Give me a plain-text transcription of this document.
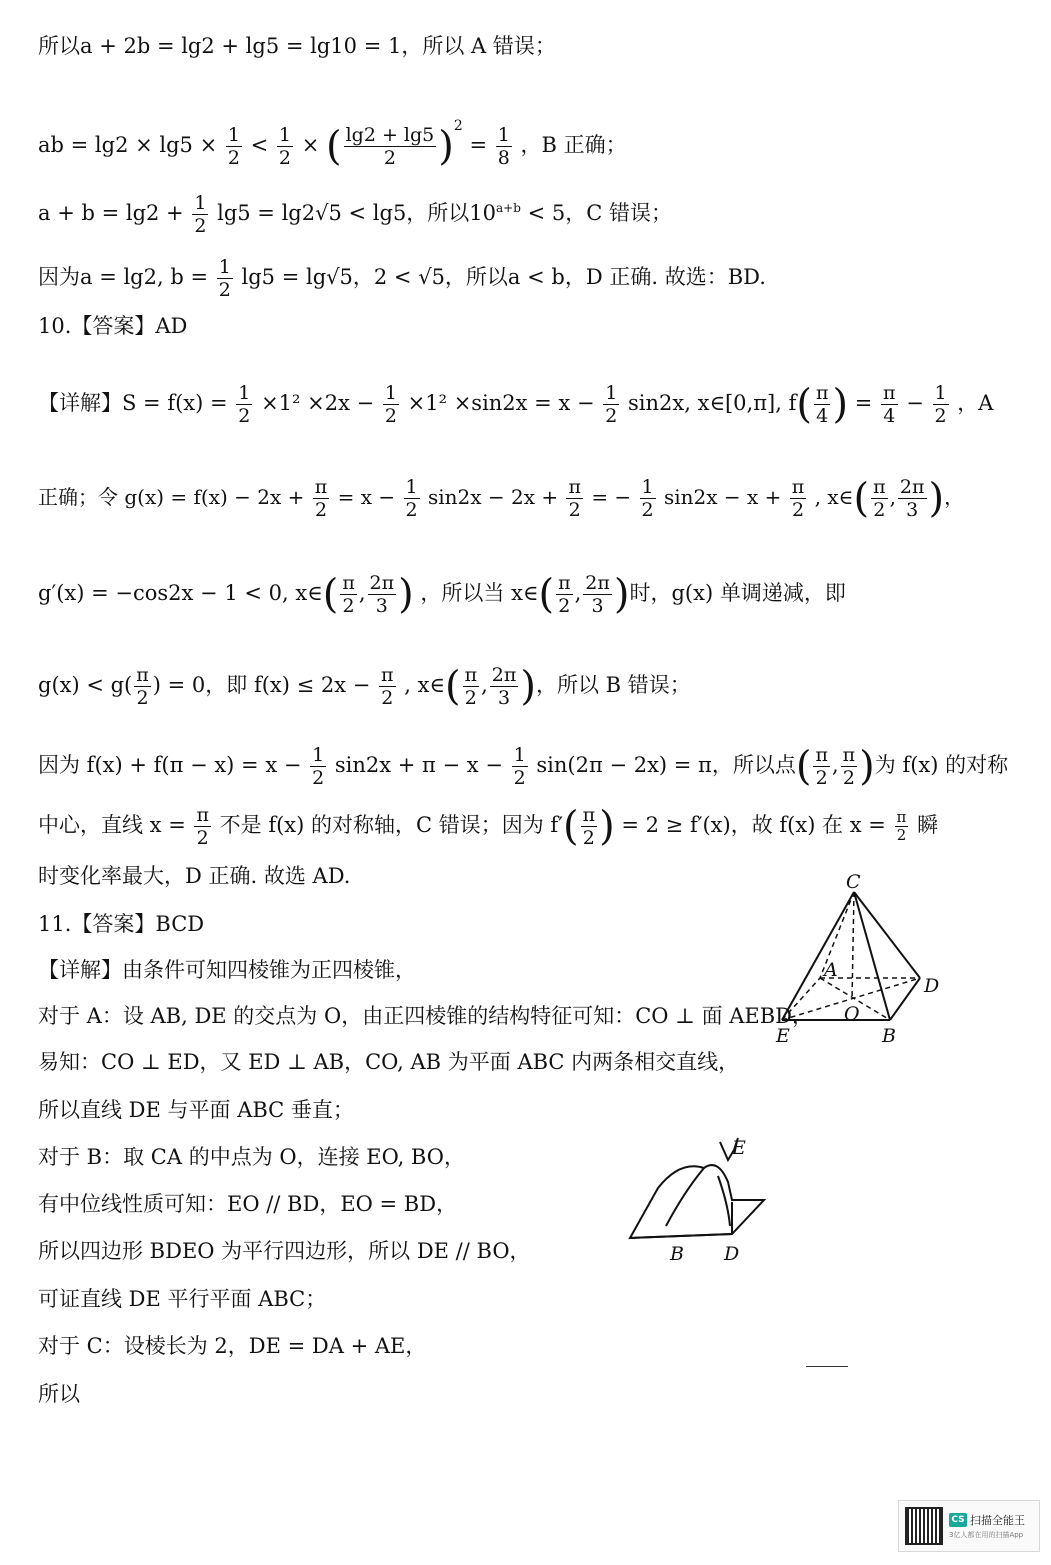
所以a + 2b = lg2 + lg5 = lg10 = 1，所以 A 错误；
ab = $\lg 2 \times \lg 5 \times \frac{1}{2} < \frac{1}{2}$ × ( $\frac{\lg 2 + \lg 5}{2} )^2 = \frac{1}{8}$ ，B 正确；
$a + b = \lg 2 + \frac{1}{2} \lg 5 = \lg 2√5 < \lg 5$，所以$10^{a+b} < 5$，C 错误；
因为a = lg2, $b = \frac{1}{2} \lg 5 = \lg√5$，2 < √5，所以a < b，D 正确. 故选：BD.
10.【答案】AD
【详解】$S = f(x) = \frac{1}{2} \times 1^2 \times 2x - \frac{1}{2} \times 1^2 \times\sin 2x = x - \frac{1}{2} \sin 2x$, x∈[0,π], $f( \frac{\pi}{4}$ ) = $\frac{\pi}{4} - \frac{1}{2}$ ，A
正确；令 $g(x) = f(x) - 2x + \frac{\pi}{2} = x - \frac{1}{2} \sin 2x - 2x + \frac{\pi}{2}$ = − $\frac{1}{2} \sin 2x - x + \frac{\pi}{2}$ , x∈( $\frac{\pi}{2}$ , $\frac{2\pi}{3}$ )，
g′(x) = −cos2x − 1 < 0, x∈( $\frac{\pi}{2}$ , $\frac{2\pi}{3}$ ) ，所以当 x∈( $\frac{\pi}{2}$ , $\frac{2\pi}{3}$ )时，g(x) 单调递减，即
$g(x) < g( \frac{\pi}{2}$ ) = 0，即 $f(x) \le 2x - \frac{\pi}{2}$ , x∈( $\frac{\pi}{2}$ , $\frac{2\pi}{3}$ )，所以 B 错误；
因为 $f(x) + f(\pi - x) = x - \frac{1}{2} \sin 2x + \pi - x - \frac{1}{2} \sin(2\pi - 2x) = \pi$，所以点( $\frac{\pi}{2}$ , $\frac{\pi}{2}$ )为 f(x) 的对称
中心，直线 $x = \frac{\pi}{2}$ 不是 f(x) 的对称轴，C 错误；因为 $f'( \frac{\pi}{2}$ ) = 2 ≥ f′(x)，故 f(x) 在 $x = \frac{\pi}{2}$ 瞬
时变化率最大，D 正确. 故选 AD.
11.【答案】BCD
【详解】由条件可知四棱锥为正四棱锥，
对于 A：设 AB, DE 的交点为 O，由正四棱锥的结构特征可知：CO ⊥ 面 AEBD，
易知：CO ⊥ ED，又 ED ⊥ AB，CO, AB 为平面 ABC 内两条相交直线，
所以直线 DE 与平面 ABC 垂直；
对于 B：取 CA 的中点为 O，连接 EO, BO，
有中位线性质可知：EO // BD，EO = BD，
所以四边形 BDEO 为平行四边形，所以 DE // BO，
可证直线 DE 平行平面 ABC；
对于 C：设棱长为 2，DE = DA + AE，
所以
C
A
D
O
E	B
E
B D
CS 扫描全能王
3亿人都在用的扫描App
